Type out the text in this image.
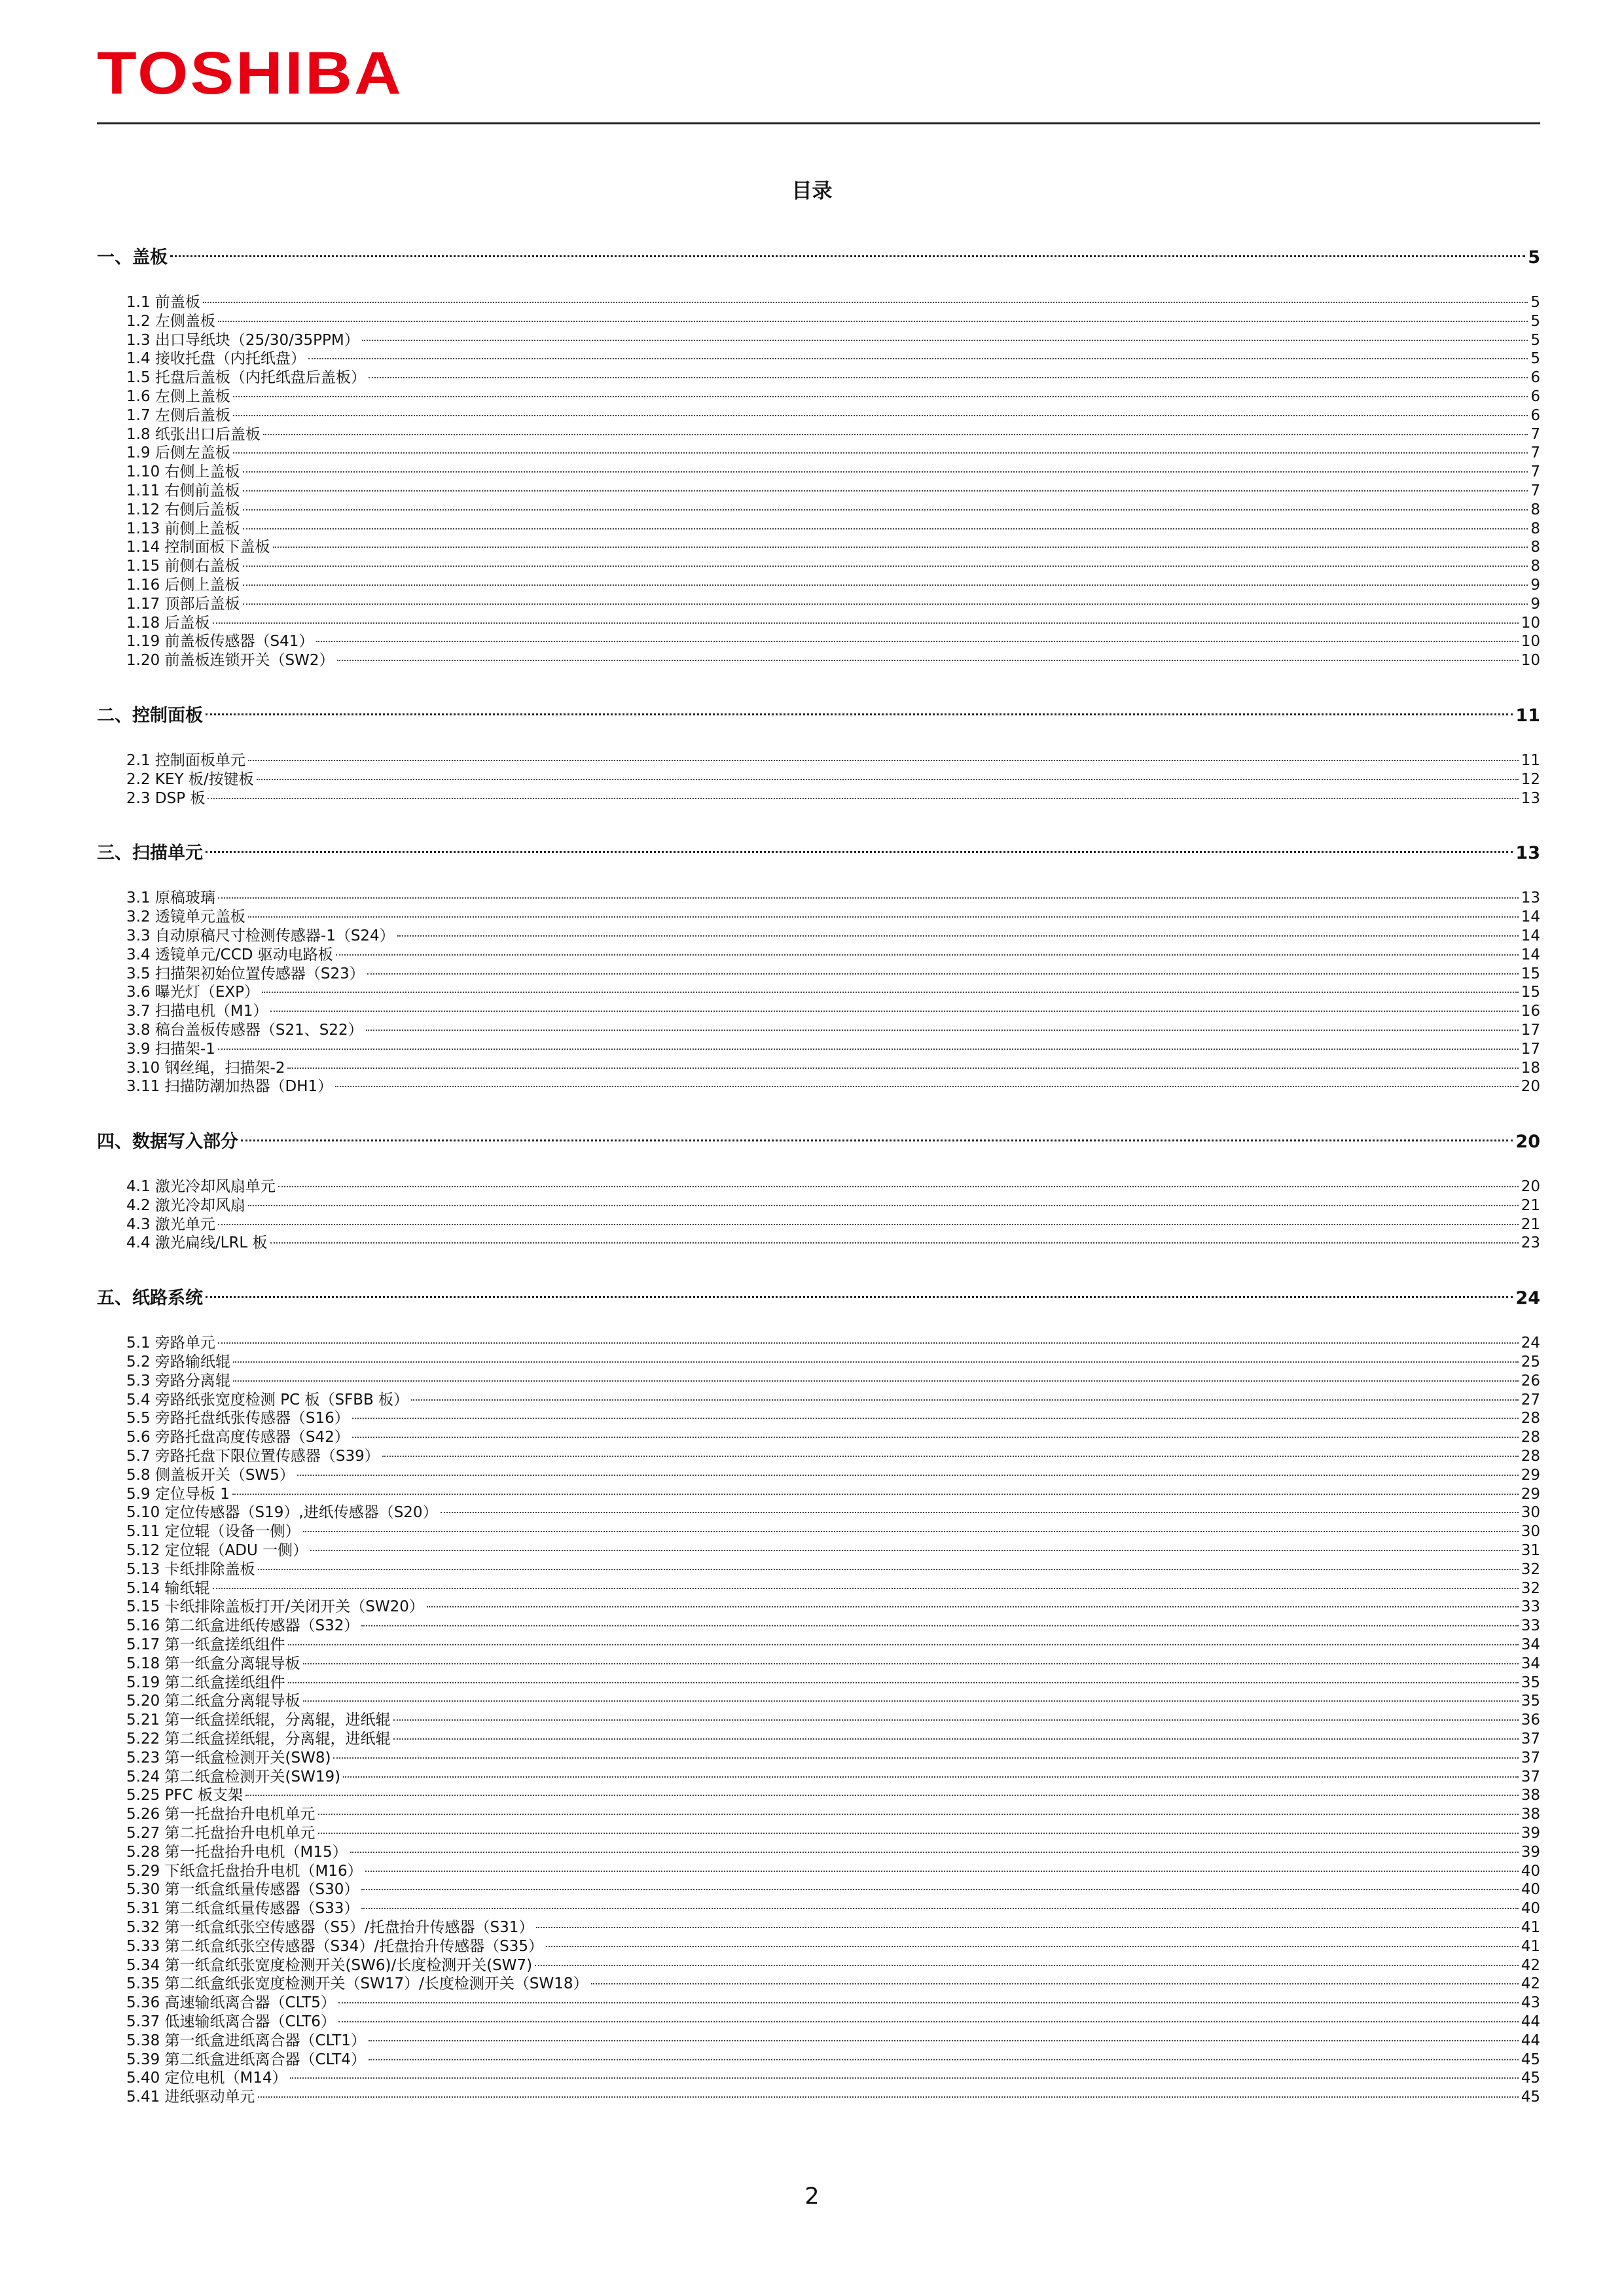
TOSHIBA
目录
一、盖板	5
1.1 前盖板	5
1.2 左侧盖板	5
1.3 出口导纸块（25/30/35PPM）	5
1.4 接收托盘（内托纸盘）	5
1.5 托盘后盖板（内托纸盘后盖板）	6
1.6 左侧上盖板	6
1.7 左侧后盖板	6
1.8 纸张出口后盖板	7
1.9 后侧左盖板	7
1.10 右侧上盖板	7
1.11 右侧前盖板	7
1.12 右侧后盖板	8
1.13 前侧上盖板	8
1.14 控制面板下盖板	8
1.15 前侧右盖板	8
1.16 后侧上盖板	9
1.17 顶部后盖板	9
1.18 后盖板	10
1.19 前盖板传感器（S41）	10
1.20 前盖板连锁开关（SW2）	10
二、控制面板	11
2.1 控制面板单元	11
2.2 KEY 板/按键板	12
2.3 DSP 板	13
三、扫描单元	13
3.1 原稿玻璃	13
3.2 透镜单元盖板	14
3.3 自动原稿尺寸检测传感器-1（S24）	14
3.4 透镜单元/CCD 驱动电路板	14
3.5 扫描架初始位置传感器（S23）	15
3.6 曝光灯（EXP）	15
3.7 扫描电机（M1）	16
3.8 稿台盖板传感器（S21、S22）	17
3.9 扫描架-1	17
3.10 钢丝绳，扫描架-2	18
3.11 扫描防潮加热器（DH1）	20
四、数据写入部分	20
4.1 激光冷却风扇单元	20
4.2 激光冷却风扇	21
4.3 激光单元	21
4.4 激光扁线/LRL 板	23
五、纸路系统	24
5.1 旁路单元	24
5.2 旁路输纸辊	25
5.3 旁路分离辊	26
5.4 旁路纸张宽度检测 PC 板（SFBB 板）	27
5.5 旁路托盘纸张传感器（S16）	28
5.6 旁路托盘高度传感器（S42）	28
5.7 旁路托盘下限位置传感器（S39）	28
5.8 侧盖板开关（SW5）	29
5.9 定位导板 1	29
5.10 定位传感器（S19）,进纸传感器（S20）	30
5.11 定位辊（设备一侧）	30
5.12 定位辊（ADU 一侧）	31
5.13 卡纸排除盖板	32
5.14 输纸辊	32
5.15 卡纸排除盖板打开/关闭开关（SW20）	33
5.16 第二纸盒进纸传感器（S32）	33
5.17 第一纸盒搓纸组件	34
5.18 第一纸盒分离辊导板	34
5.19 第二纸盒搓纸组件	35
5.20 第二纸盒分离辊导板	35
5.21 第一纸盒搓纸辊，分离辊，进纸辊	36
5.22 第二纸盒搓纸辊，分离辊，进纸辊	37
5.23 第一纸盒检测开关(SW8)	37
5.24 第二纸盒检测开关(SW19)	37
5.25 PFC 板支架	38
5.26 第一托盘抬升电机单元	38
5.27 第二托盘抬升电机单元	39
5.28 第一托盘抬升电机（M15）	39
5.29 下纸盒托盘抬升电机（M16）	40
5.30 第一纸盒纸量传感器（S30）	40
5.31 第二纸盒纸量传感器（S33）	40
5.32 第一纸盒纸张空传感器（S5）/托盘抬升传感器（S31）	41
5.33 第二纸盒纸张空传感器（S34）/托盘抬升传感器（S35）	41
5.34 第一纸盒纸张宽度检测开关(SW6)/长度检测开关(SW7)	42
5.35 第二纸盒纸张宽度检测开关（SW17）/长度检测开关（SW18）	42
5.36 高速输纸离合器（CLT5）	43
5.37 低速输纸离合器（CLT6）	44
5.38 第一纸盒进纸离合器（CLT1）	44
5.39 第二纸盒进纸离合器（CLT4）	45
5.40 定位电机（M14）	45
5.41 进纸驱动单元	45
2
